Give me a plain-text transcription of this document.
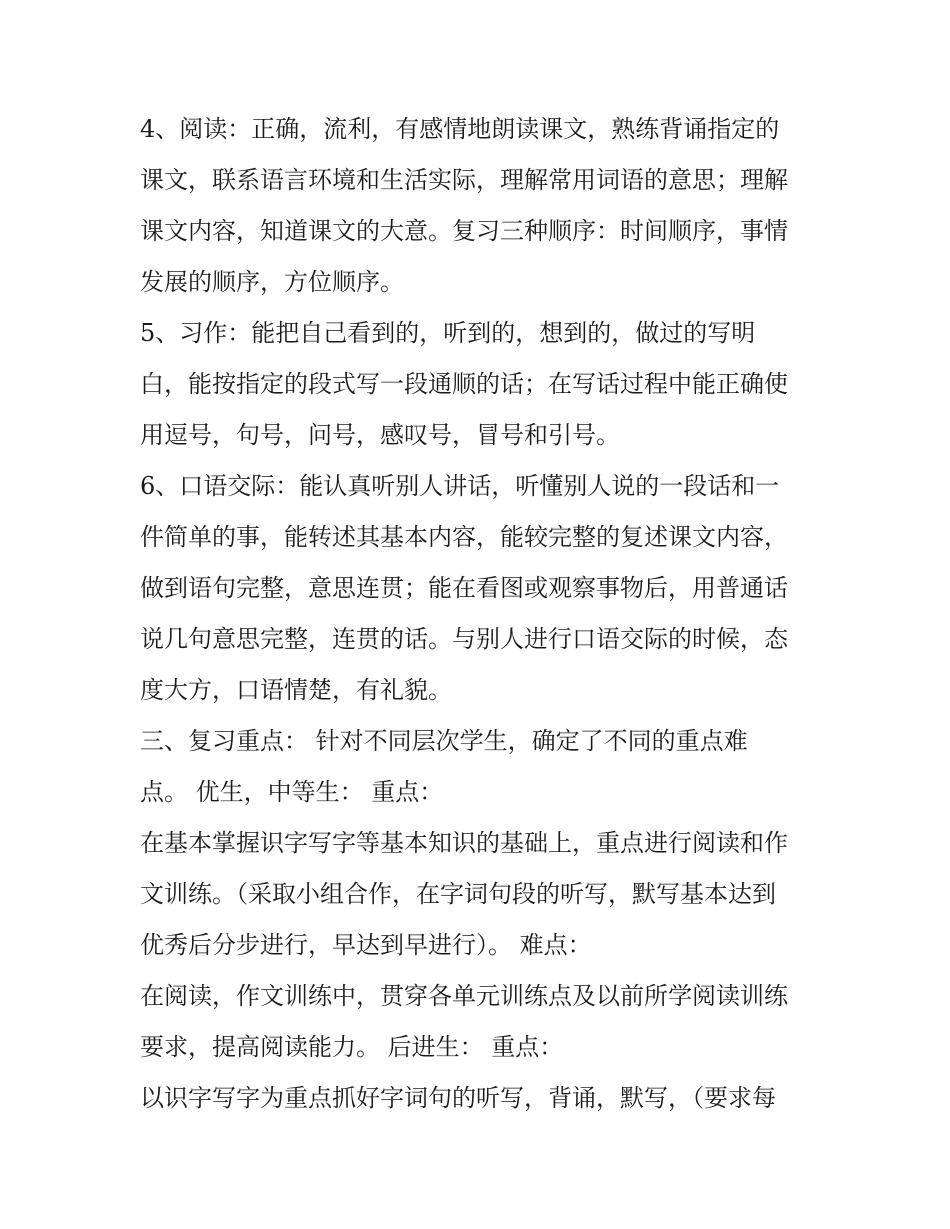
4、阅读：正确，流利，有感情地朗读课文，熟练背诵指定的
课文，联系语言环境和生活实际，理解常用词语的意思；理解
课文内容，知道课文的大意。复习三种顺序：时间顺序，事情
发展的顺序，方位顺序。

5、习作：能把自己看到的，听到的，想到的，做过的写明
白，能按指定的段式写一段通顺的话；在写话过程中能正确使
用逗号，句号，问号，感叹号，冒号和引号。

6、口语交际：能认真听别人讲话，听懂别人说的一段话和一
件简单的事，能转述其基本内容，能较完整的复述课文内容，
做到语句完整，意思连贯；能在看图或观察事物后，用普通话
说几句意思完整，连贯的话。与别人进行口语交际的时候，态
度大方，口语情楚，有礼貌。

三、复习重点： 针对不同层次学生，确定了不同的重点难
点。 优生，中等生： 重点：

在基本掌握识字写字等基本知识的基础上，重点进行阅读和作
文训练。（采取小组合作，在字词句段的听写，默写基本达到
优秀后分步进行，早达到早进行）。 难点：

在阅读，作文训练中，贯穿各单元训练点及以前所学阅读训练
要求，提高阅读能力。 后进生： 重点：

以识字写字为重点抓好字词句的听写，背诵，默写，（要求每
